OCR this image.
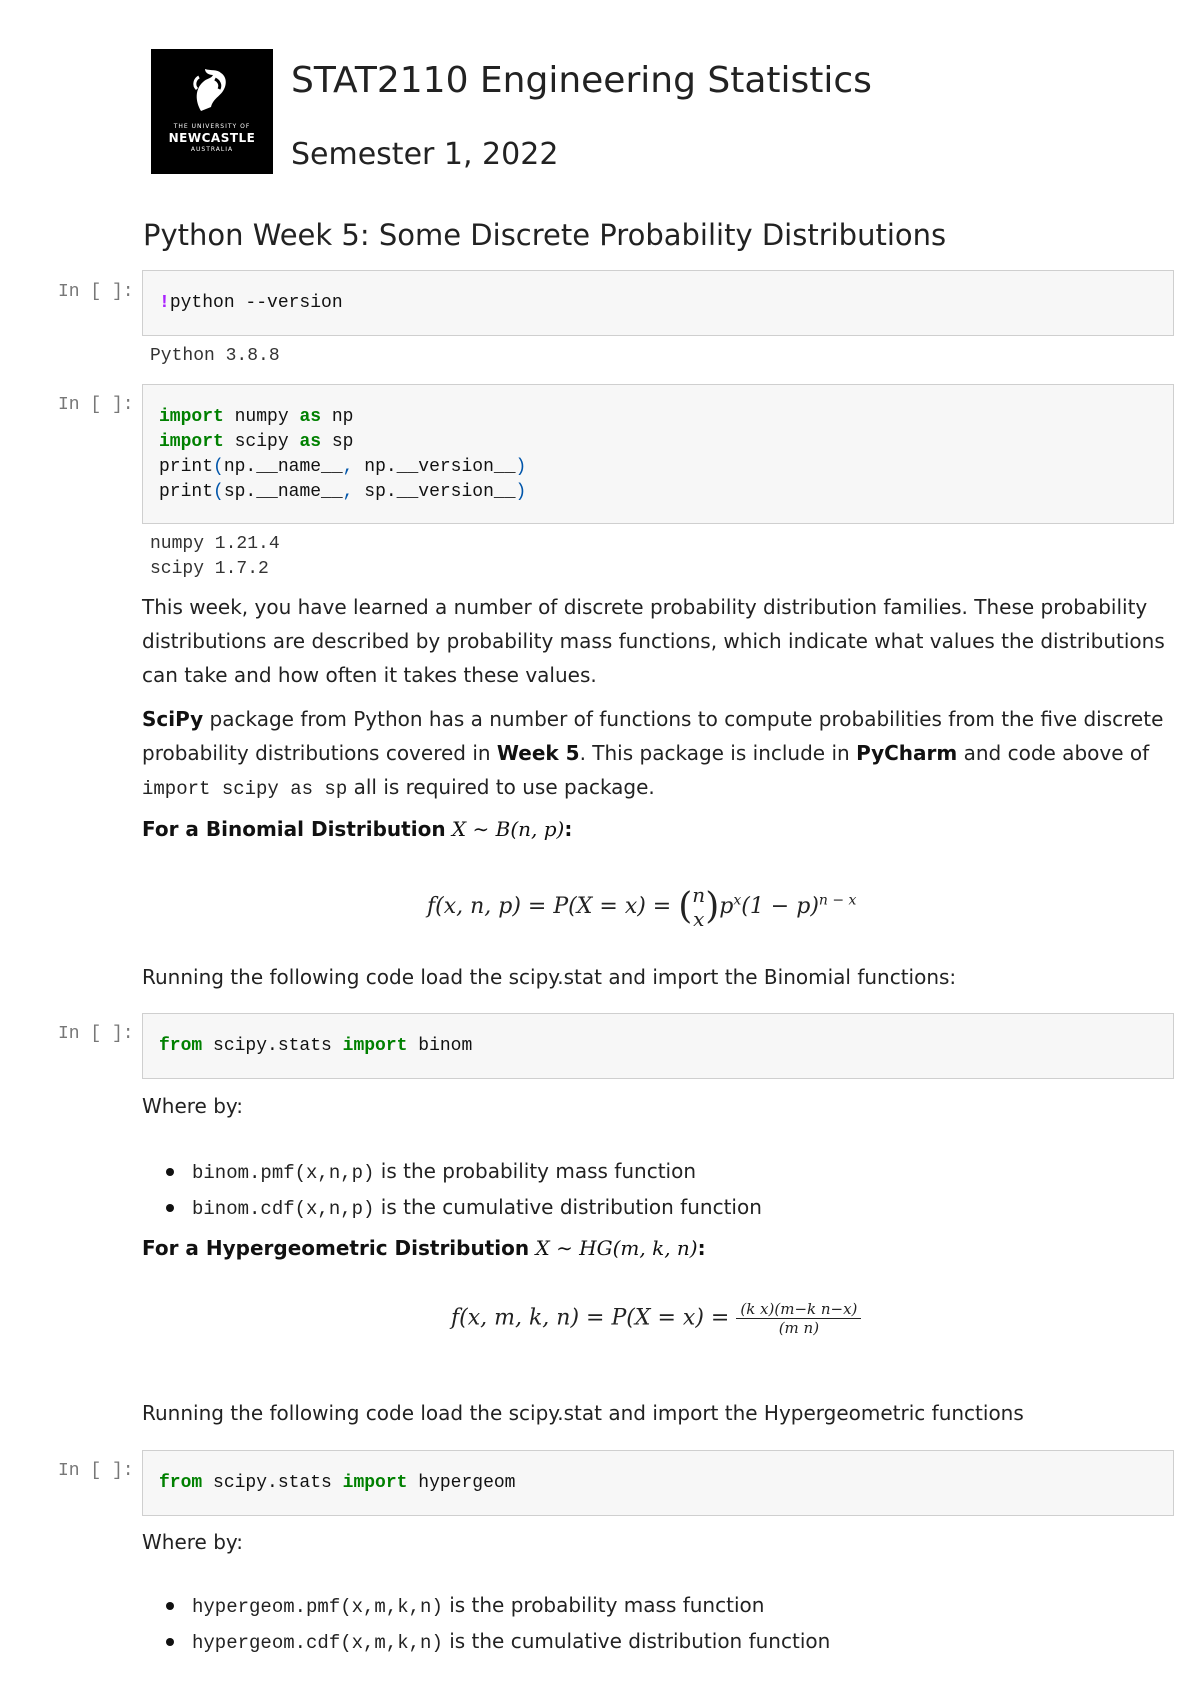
THE UNIVERSITY OF
NEWCASTLE
AUSTRALIA
STAT2110 Engineering Statistics
Semester 1, 2022
Python Week 5: Some Discrete Probability Distributions
In [ ]:
!python --version
Python 3.8.8
In [ ]:
import numpy as np
import scipy as sp
print(np.__name__, np.__version__)
print(sp.__name__, sp.__version__)
numpy 1.21.4
scipy 1.7.2
This week, you have learned a number of discrete probability distribution families. These probability distributions are described by probability mass functions, which indicate what values the distributions can take and how often it takes these values.
SciPy package from Python has a number of functions to compute probabilities from the five discrete probability distributions covered in Week 5. This package is include in PyCharm and code above of import scipy as sp all is required to use package.
For a Binomial Distribution X ∼ B(n, p):
f(x, n, p) = P(X = x) = (n
$x)p^x(1 - p)^{n - x}$
Running the following code load the scipy.stat and import the Binomial functions:
In [ ]:
from scipy.stats import binom
Where by:
binom.pmf(x,n,p) is the probability mass function
binom.cdf(x,n,p) is the cumulative distribution function
For a Hypergeometric Distribution X ∼ HG(m, k, n):
f(x, m, k, $n) = P(X = x) = \frac{\text{(k x)(m−k n−x)}}{\text{(m n)}}$
Running the following code load the scipy.stat and import the Hypergeometric functions
In [ ]:
from scipy.stats import hypergeom
Where by:
hypergeom.pmf(x,m,k,n) is the probability mass function
hypergeom.cdf(x,m,k,n) is the cumulative distribution function
